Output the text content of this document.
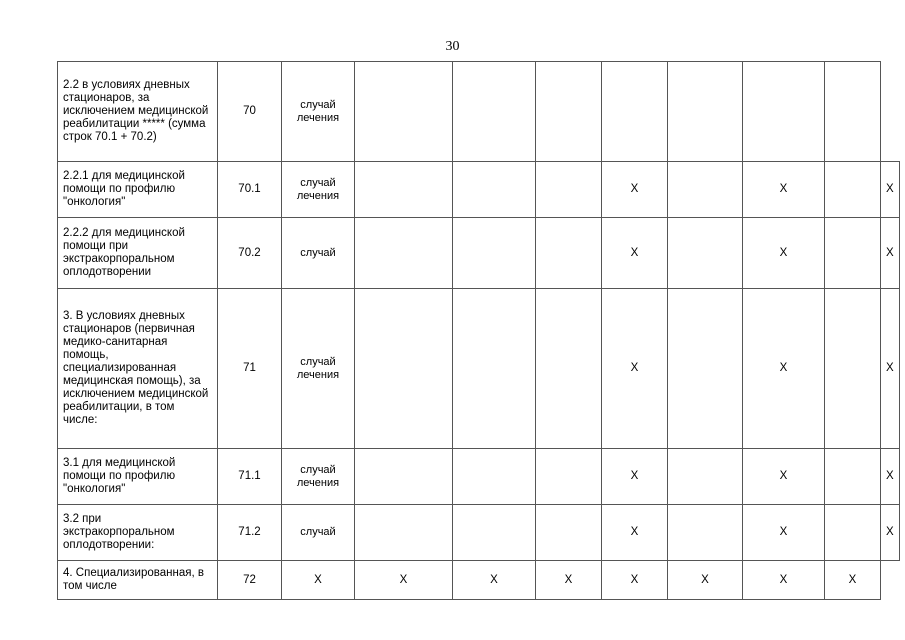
30
2.2 в условиях дневных стационаров, за исключением медицинской реабилитации ***** (сумма строк 70.1 + 70.2)	70	случай лечения								
2.2.1 для медицинской помощи по профилю "онкология"	70.1	случай лечения				X		X		X
2.2.2 для медицинской помощи при экстракорпоральном оплодотворении	70.2	случай				X		X		X
3. В условиях дневных стационаров (первичная медико-санитарная помощь, специализированная медицинская помощь), за исключением медицинской реабилитации, в том числе:	71	случай лечения				X		X		X
3.1 для медицинской помощи по профилю "онкология"	71.1	случай лечения				X		X		X
3.2 при экстракорпоральном оплодотворении:	71.2	случай				X		X		X
4. Специализированная, в том числе	72	X	X	X	X	X	X	X	X	
